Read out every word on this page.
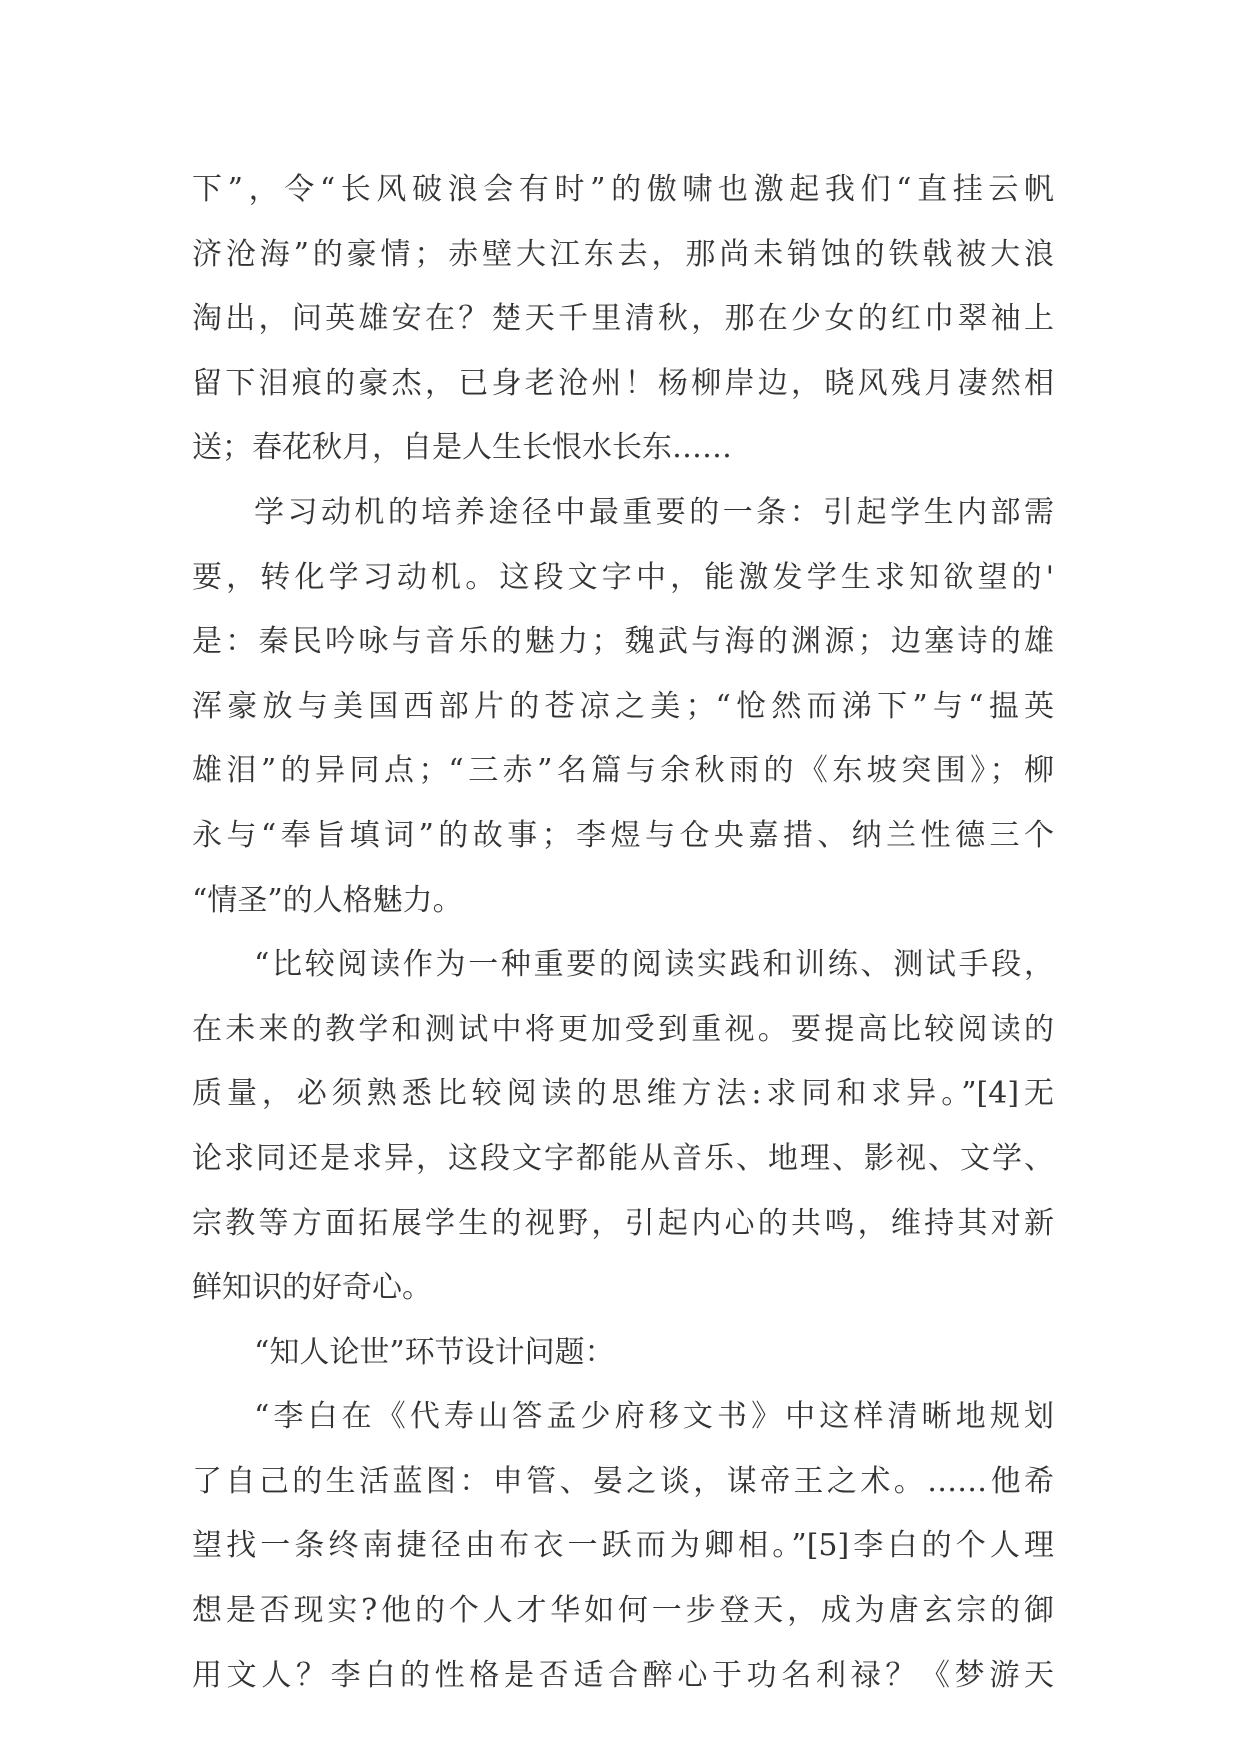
下”，令“长风破浪会有时”的傲啸也激起我们“直挂云帆
济沧海”的豪情；赤壁大江东去，那尚未销蚀的铁戟被大浪
淘出，问英雄安在？楚天千里清秋，那在少女的红巾翠袖上
留下泪痕的豪杰，已身老沧州！杨柳岸边，晓风残月凄然相
送；春花秋月，自是人生长恨水长东……
学习动机的培养途径中最重要的一条：引起学生内部需
要，转化学习动机。这段文字中，能激发学生求知欲望的'
是：秦民吟咏与音乐的魅力；魏武与海的渊源；边塞诗的雄
浑豪放与美国西部片的苍凉之美；“怆然而涕下”与“揾英
雄泪”的异同点；“三赤”名篇与余秋雨的《东坡突围》；柳
永与“奉旨填词”的故事；李煜与仓央嘉措、纳兰性德三个
“情圣”的人格魅力。
“比较阅读作为一种重要的阅读实践和训练、测试手段，
在未来的教学和测试中将更加受到重视。要提高比较阅读的
质量，必须熟悉比较阅读的思维方法:求同和求异。”[4]无
论求同还是求异，这段文字都能从音乐、地理、影视、文学、
宗教等方面拓展学生的视野，引起内心的共鸣，维持其对新
鲜知识的好奇心。
“知人论世”环节设计问题：
“李白在《代寿山答孟少府移文书》中这样清晰地规划
了自己的生活蓝图：申管、晏之谈，谋帝王之术。……他希
望找一条终南捷径由布衣一跃而为卿相。”[5]李白的个人理
想是否现实?他的个人才华如何一步登天，成为唐玄宗的御
用文人？李白的性格是否适合醉心于功名利禄？《梦游天
